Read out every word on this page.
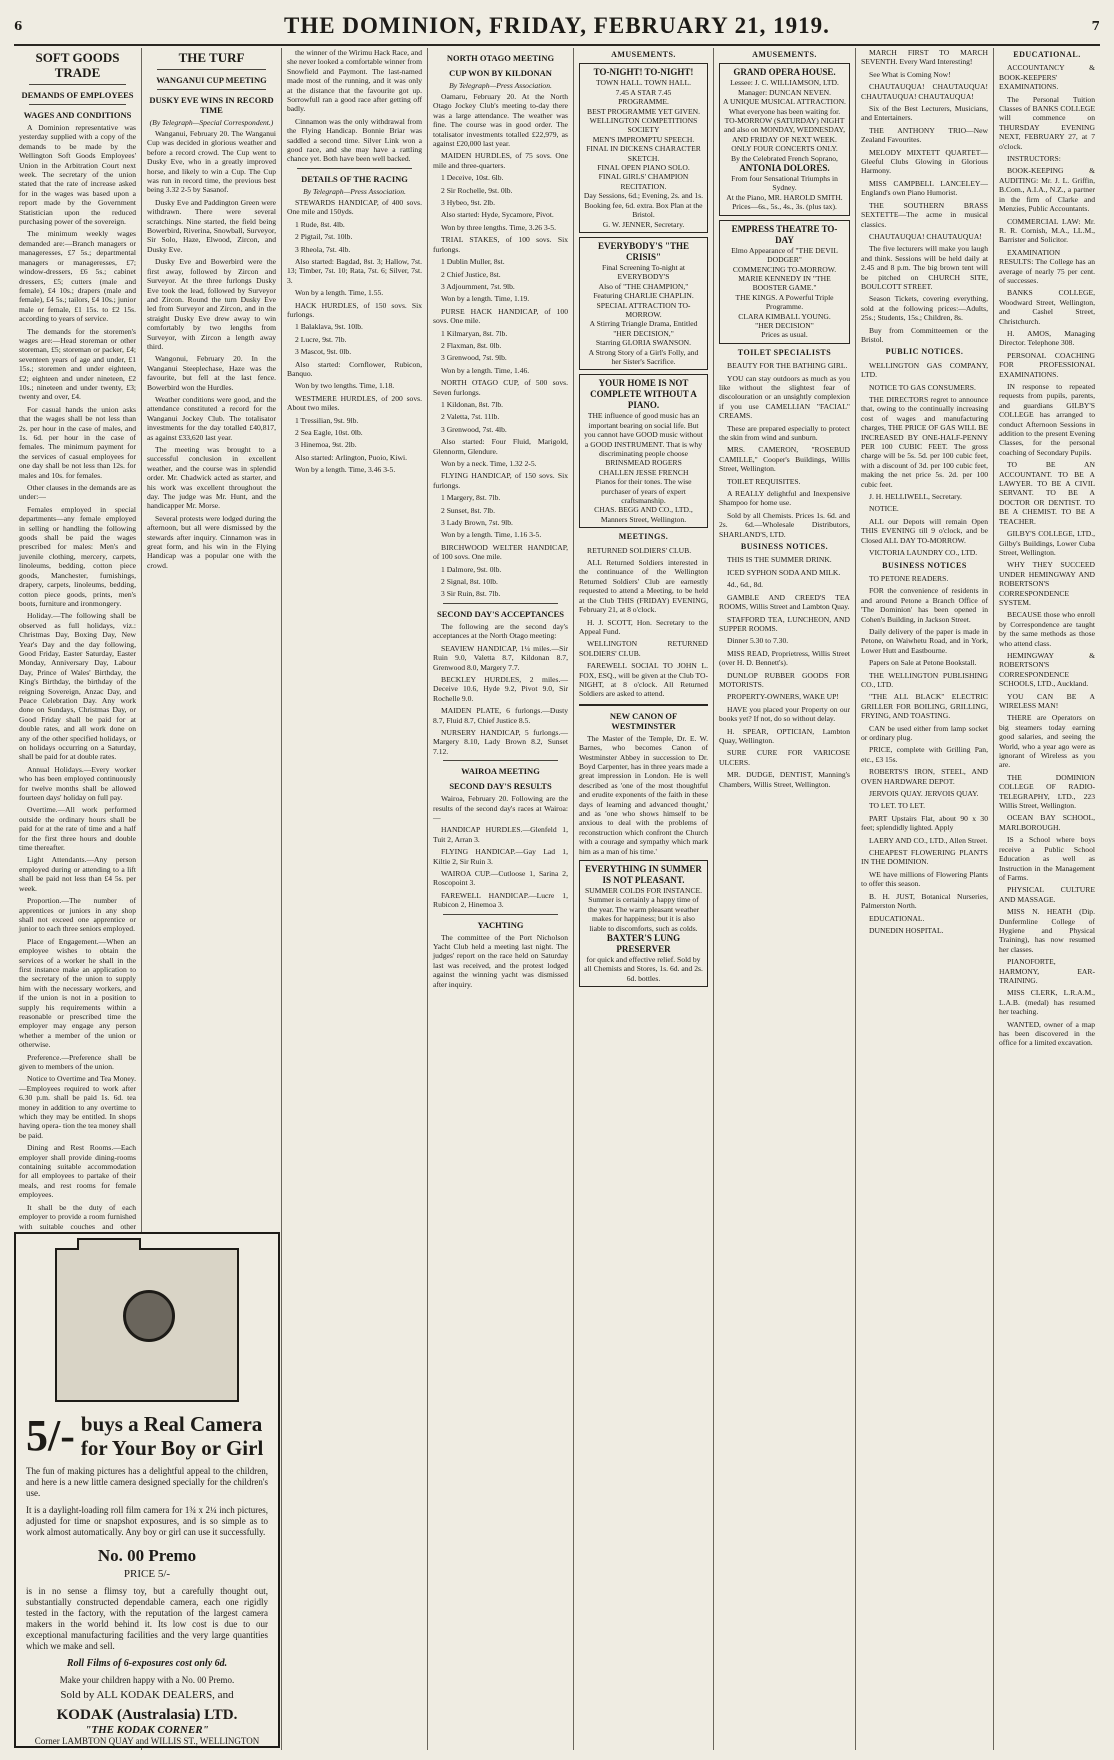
6	THE DOMINION, FRIDAY, FEBRUARY 21, 1919.	7
SOFT GOODS TRADE
DEMANDS OF EMPLOYEES
WAGES AND CONDITIONS

A Dominion representative was yesterday supplied with a copy of the demands to be made by the Wellington Soft Goods Employees' Union in the Arbitration Court next week. The secretary of the union stated that the rate of increase asked for in the wages was based upon a report made by the Government Statistician upon the reduced purchasing power of the sovereign.

The minimum weekly wages demanded are:—Branch managers or manageresses, £7 5s.; departmental managers or manageresses, £7; window-dressers, £6 5s.; cabinet dressers, £5; cutters (male and female), £4 10s.; drapers (male and female), £4 5s.; tailors, £4 10s.; junior male or female, £1 15s. to £2 15s. according to years of service.

The demands for the storemen's wages are:—Head storeman or other storeman, £5; storeman or packer, £4; seventeen years of age and under, £1 15s.; storemen and under eighteen, £2; eighteen and under nineteen, £2 10s.; nineteen and under twenty, £3; twenty and over, £4.

For casual hands the union asks that the wages shall be not less than 2s. per hour in the case of males, and 1s. 6d. per hour in the case of females. The minimum payment for the services of casual employees for one day shall be not less than 12s. for males and 10s. for females.

Other clauses in the demands are as under:—

Females employed in special departments—any female employed in selling or handling the following goods shall be paid the wages prescribed for males: Men's and juvenile clothing, mercery, carpets, linoleums, bedding, cotton piece goods, Manchester, furnishings, drapery, carpets, linoleums, bedding, cotton piece goods, prints, men's boots, furniture and ironmongery.

Holiday.—The following shall be observed as full holidays, viz.: Christmas Day, Boxing Day, New Year's Day and the day following, Good Friday, Easter Saturday, Easter Monday, Anniversary Day, Labour Day, Prince of Wales' Birthday, the King's Birthday, the birthday of the reigning Sovereign, Anzac Day, and Peace Celebration Day. Any work done on Sundays, Christmas Day, or Good Friday shall be paid for at double rates, and all work done on any of the other specified holidays, or on holidays occurring on a Saturday, shall be paid for at double rates.

Annual Holidays.—Every worker who has been employed continuously for twelve months shall be allowed fourteen days' holiday on full pay.

Overtime.—All work performed outside the ordinary hours shall be paid for at the rate of time and a half for the first three hours and double time thereafter.

Light Attendants.—Any person employed during or attending to a lift shall be paid not less than £4 5s. per week.

Proportion.—The number of apprentices or juniors in any shop shall not exceed one apprentice or junior to each three seniors employed.

Place of Engagement.—When an employee wishes to obtain the services of a worker he shall in the first instance make an application to the secretary of the union to supply him with the necessary workers, and if the union is not in a position to supply his requirements within a reasonable or prescribed time the employer may engage any person whether a member of the union or otherwise.

Preference.—Preference shall be given to members of the union.

Notice to Overtime and Tea Money.—Employees required to work after 6.30 p.m. shall be paid 1s. 6d. tea money in addition to any overtime to which they may be entitled. In shops having opera- tion the tea money shall be paid.

Dining and Rest Rooms.—Each employer shall provide dining-rooms containing suitable accommodation for all employees to partake of their meals, and rest rooms for female employees.

It shall be the duty of each employer to provide a room furnished with suitable couches and other

THE TURF
WANGANUI CUP MEETING
DUSKY EVE WINS IN RECORD TIME
(By Telegraph—Special Correspondent.)

Wanganui, February 20. The Wanganui Cup was decided in glorious weather and before a record crowd. The Cup went to Dusky Eve, who in a greatly improved horse, and likely to win a Cup. The Cup was run in record time, the previous best being 3.32 2-5 by Sasanof.

Dusky Eve and Paddington Green were withdrawn. There were several scratchings. Nine started, the field being Bowerbird, Riverina, Snowball, Surveyor, Sir Solo, Haze, Elwood, Zircon, and Dusky Eve.

Dusky Eve and Bowerbird were the first away, followed by Zircon and Surveyor. At the three furlongs Dusky Eve took the lead, followed by Surveyor and Zircon. Round the turn Dusky Eve led from Surveyor and Zircon, and in the straight Dusky Eve drew away to win comfortably by two lengths from Surveyor, with Zircon a length away third.

Wangonui, February 20. In the Wanganui Steeplechase, Haze was the favourite, but fell at the last fence. Bowerbird won the Hurdles.

Weather conditions were good, and the attendance constituted a record for the Wanganui Jockey Club. The totalisator investments for the day totalled £40,817, as against £33,620 last year.

The meeting was brought to a successful conclusion in excellent weather, and the course was in splendid order. Mr. Chadwick acted as starter, and his work was excellent throughout the day. The judge was Mr. Hunt, and the handicapper Mr. Morse.

Several protests were lodged during the afternoon, but all were dismissed by the stewards after inquiry. Cinnamon was in great form, and his win in the Flying Handicap was a popular one with the crowd.

the winner of the Wirimu Hack Race, and she never looked a comfortable winner from Snowfield and Paymont. The last-named made most of the running, and it was only at the distance that the favourite got up. Sorrowfull ran a good race after getting off badly.

Cinnamon was the only withdrawal from the Flying Handicap. Bonnie Briar was saddled a second time. Silver Link won a good race, and she may have a rattling chance yet. Both have been well backed.

DETAILS OF THE RACING
By Telegraph—Press Association.

STEWARDS HANDICAP, of 400 sovs. One mile and 150yds.

1 Rude, 8st. 4lb.

2 Pigtail, 7st. 10lb.

3 Rheola, 7st. 4lb.

Also started: Bagdad, 8st. 3; Hallow, 7st. 13; Timber, 7st. 10; Rata, 7st. 6; Silver, 7st. 3.

Won by a length. Time, 1.55.

HACK HURDLES, of 150 sovs. Six furlongs.

1 Balaklava, 9st. 10lb.

2 Lucre, 9st. 7lb.

3 Mascot, 9st. 0lb.

Also started: Cornflower, Rubicon, Banquo.

Won by two lengths. Time, 1.18.

WESTMERE HURDLES, of 200 sovs. About two miles.

1 Tressilian, 9st. 9lb.

2 Sea Eagle, 10st. 0lb.

3 Hinemoa, 9st. 2lb.

Also started: Arlington, Puoio, Kiwi.

Won by a length. Time, 3.46 3-5.

NORTH OTAGO MEETING
CUP WON BY KILDONAN
By Telegraph—Press Association.

Oamaru, February 20. At the North Otago Jockey Club's meeting to-day there was a large attendance. The weather was fine. The course was in good order. The totalisator investments totalled £22,979, as against £20,000 last year.

MAIDEN HURDLES, of 75 sovs. One mile and three-quarters.

1 Deceive, 10st. 6lb.

2 Sir Rochelle, 9st. 0lb.

3 Hybeo, 9st. 2lb.

Also started: Hyde, Sycamore, Pivot.

Won by three lengths. Time, 3.26 3-5.

TRIAL STAKES, of 100 sovs. Six furlongs.

1 Dublin Muller, 8st.

2 Chief Justice, 8st.

3 Adjournment, 7st. 9lb.

Won by a length. Time, 1.19.

PURSE HACK HANDICAP, of 100 sovs. One mile.

1 Kilmaryan, 8st. 7lb.

2 Flaxman, 8st. 0lb.

3 Grenwood, 7st. 9lb.

Won by a length. Time, 1.46.

NORTH OTAGO CUP, of 500 sovs. Seven furlongs.

1 Kildonan, 8st. 7lb.

2 Valetta, 7st. 11lb.

3 Grenwood, 7st. 4lb.

Also started: Four Fluid, Marigold, Glennorm, Glendure.

Won by a neck. Time, 1.32 2-5.

FLYING HANDICAP, of 150 sovs. Six furlongs.

1 Margery, 8st. 7lb.

2 Sunset, 8st. 7lb.

3 Lady Brown, 7st. 9lb.

Won by a length. Time, 1.16 3-5.

BIRCHWOOD WELTER HANDICAP, of 100 sovs. One mile.

1 Dalmore, 9st. 0lb.

2 Signal, 8st. 10lb.

3 Sir Ruin, 8st. 7lb.

SECOND DAY'S ACCEPTANCES

The following are the second day's acceptances at the North Otago meeting:

SEAVIEW HANDICAP, 1¼ miles.—Sir Ruin 9.0, Valetta 8.7, Kildonan 8.7, Grenwood 8.0, Margery 7.7.

BECKLEY HURDLES, 2 miles.—Deceive 10.6, Hyde 9.2, Pivot 9.0, Sir Rochelle 9.0.

MAIDEN PLATE, 6 furlongs.—Dusty 8.7, Fluid 8.7, Chief Justice 8.5.

NURSERY HANDICAP, 5 furlongs.—Margery 8.10, Lady Brown 8.2, Sunset 7.12.

WAIROA MEETING
SECOND DAY'S RESULTS

Wairoa, February 20. Following are the results of the second day's races at Wairoa:—

HANDICAP HURDLES.—Glenfeld 1, Tuit 2, Arran 3.

FLYING HANDICAP.—Gay Lad 1, Kiltie 2, Sir Ruin 3.

WAIROA CUP.—Cutloose 1, Sarina 2, Roscopoint 3.

FAREWELL HANDICAP.—Lucre 1, Rubicon 2, Hinemoa 3.

YACHTING

The committee of the Port Nicholson Yacht Club held a meeting last night. The judges' report on the race held on Saturday last was received, and the protest lodged against the winning yacht was dismissed after inquiry.

AMUSEMENTS.
TO-NIGHT! TO-NIGHT!
TOWN HALL. TOWN HALL.
7.45 A STAR 7.45
PROGRAMME.
BEST PROGRAMME YET GIVEN.
WELLINGTON COMPETITIONS SOCIETY
MEN'S IMPROMPTU SPEECH.
FINAL IN DICKENS CHARACTER SKETCH.
FINAL OPEN PIANO SOLO.
FINAL GIRLS' CHAMPION RECITATION.
Day Sessions, 6d.; Evening, 2s. and 1s. Booking fee, 6d. extra. Box Plan at the Bristol.
G. W. JENNER, Secretary.
EVERYBODY'S "THE CRISIS"
Final Screening To-night at EVERYBODY'S
Also of "THE CHAMPION,"
Featuring CHARLIE CHAPLIN.
SPECIAL ATTRACTION TO-MORROW.
A Stirring Triangle Drama, Entitled
"HER DECISION,"
Starring GLORIA SWANSON.
A Strong Story of a Girl's Folly, and her Sister's Sacrifice.
YOUR HOME IS NOT COMPLETE WITHOUT A PIANO.
THE influence of good music has an important bearing on social life. But you cannot have GOOD music without a GOOD INSTRUMENT. That is why discriminating people choose
BRINSMEAD ROGERS
CHALLEN JESSE FRENCH
Pianos for their tones. The wise purchaser of years of expert craftsmanship.
CHAS. BEGG AND CO., LTD., Manners Street, Wellington.
MEETINGS.

RETURNED SOLDIERS' CLUB.

ALL Returned Soldiers interested in the continuance of the Wellington Returned Soldiers' Club are earnestly requested to attend a Meeting, to be held at the Club THIS (FRIDAY) EVENING, February 21, at 8 o'clock.

H. J. SCOTT, Hon. Secretary to the Appeal Fund.

WELLINGTON RETURNED SOLDIERS' CLUB.

FAREWELL SOCIAL TO JOHN L. FOX, ESQ., will be given at the Club TO-NIGHT, at 8 o'clock. All Returned Soldiers are asked to attend.

NEW CANON OF WESTMINSTER

The Master of the Temple, Dr. E. W. Barnes, who becomes Canon of Westminster Abbey in succession to Dr. Boyd Carpenter, has in three years made a great impression in London. He is well described as 'one of the most thoughtful and erudite exponents of the faith in these days of learning and advanced thought,' and as 'one who shows himself to be anxious to deal with the problems of reconstruction which confront the Church with a courage and sympathy which mark him as a man of his time.'

EVERYTHING IN SUMMER IS NOT PLEASANT.
SUMMER COLDS FOR INSTANCE.
Summer is certainly a happy time of the year. The warm pleasant weather makes for happiness; but it is also liable to discomforts, such as colds.
BAXTER'S LUNG PRESERVER
for quick and effective relief. Sold by all Chemists and Stores, 1s. 6d. and 2s. 6d. bottles.
AMUSEMENTS.
GRAND OPERA HOUSE.
Lessee: J. C. WILLIAMSON, LTD.
Manager: DUNCAN NEVEN.
A UNIQUE MUSICAL ATTRACTION.
What everyone has been waiting for.
TO-MORROW (SATURDAY) NIGHT and also on MONDAY, WEDNESDAY, AND FRIDAY OF NEXT WEEK.
ONLY FOUR CONCERTS ONLY.
By the Celebrated French Soprano,
ANTONIA DOLORES.
From four Sensational Triumphs in Sydney.
At the Piano, MR. HAROLD SMITH.
Prices—6s., 5s., 4s., 3s. (plus tax).
EMPRESS THEATRE TO-DAY
Elmo Appearance of "THE DEVIL DODGER"
COMMENCING TO-MORROW.
MARIE KENNEDY IN "THE BOOSTER GAME."
THE KINGS. A Powerful Triple Programme.
CLARA KIMBALL YOUNG.
"HER DECISION"
Prices as usual.
TOILET SPECIALISTS

BEAUTY FOR THE BATHING GIRL.

YOU can stay outdoors as much as you like without the slightest fear of discolouration or an unsightly complexion if you use CAMELLIAN "FACIAL" CREAMS.

These are prepared especially to protect the skin from wind and sunburn.

MRS. CAMERON, "ROSEBUD CAMILLE," Cooper's Buildings, Willis Street, Wellington.

TOILET REQUISITES.

A REALLY delightful and Inexpensive Shampoo for home use.

Sold by all Chemists. Prices 1s. 6d. and 2s. 6d.—Wholesale Distributors, SHARLAND'S, LTD.

BUSINESS NOTICES.

THIS IS THE SUMMER DRINK.

ICED SYPHON SODA AND MILK.

4d., 6d., 8d.

GAMBLE AND CREED'S TEA ROOMS, Willis Street and Lambton Quay.

STAFFORD TEA, LUNCHEON, AND SUPPER ROOMS.

Dinner 5.30 to 7.30.

MISS READ, Proprietress, Willis Street (over H. D. Bennett's).

DUNLOP RUBBER GOODS FOR MOTORISTS.

PROPERTY-OWNERS, WAKE UP!

HAVE you placed your Property on our books yet? If not, do so without delay.

H. SPEAR, OPTICIAN, Lambton Quay, Wellington.

SURE CURE FOR VARICOSE ULCERS.

MR. DUDGE, DENTIST, Manning's Chambers, Willis Street, Wellington.

MARCH FIRST TO MARCH SEVENTH. Every Ward Interesting!

See What is Coming Now!

CHAUTAUQUA! CHAUTAUQUA! CHAUTAUQUA! CHAUTAUQUA!

Six of the Best Lecturers, Musicians, and Entertainers.

THE ANTHONY TRIO—New Zealand Favourites.

MELODY MIXTETT QUARTET—Gleeful Clubs Glowing in Glorious Harmony.

MISS CAMPBELL LANCELEY—England's own Piano Humorist.

THE SOUTHERN BRASS SEXTETTE—The acme in musical classics.

CHAUTAUQUA! CHAUTAUQUA!

The five lecturers will make you laugh and think. Sessions will be held daily at 2.45 and 8 p.m. The big brown tent will be pitched on CHURCH SITE, BOULCOTT STREET.

Season Tickets, covering everything, sold at the following prices:—Adults, 25s.; Students, 15s.; Children, 8s.

Buy from Committeemen or the Bristol.

PUBLIC NOTICES.

WELLINGTON GAS COMPANY, LTD.

NOTICE TO GAS CONSUMERS.

THE DIRECTORS regret to announce that, owing to the continually increasing cost of wages and manufacturing charges, THE PRICE OF GAS WILL BE INCREASED BY ONE-HALF-PENNY PER 100 CUBIC FEET. The gross charge will be 5s. 5d. per 100 cubic feet, with a discount of 3d. per 100 cubic feet, making the net price 5s. 2d. per 100 cubic feet.

J. H. HELLIWELL, Secretary.

NOTICE.

ALL our Depots will remain Open THIS EVENING till 9 o'clock, and be Closed ALL DAY TO-MORROW.

VICTORIA LAUNDRY CO., LTD.

BUSINESS NOTICES

TO PETONE READERS.

FOR the convenience of residents in and around Petone a Branch Office of 'The Dominion' has been opened in Cohen's Building, in Jackson Street.

Daily delivery of the paper is made in Petone, on Waiwhetu Road, and in York, Lower Hutt and Eastbourne.

Papers on Sale at Petone Bookstall.

THE WELLINGTON PUBLISHING CO., LTD.

"THE ALL BLACK" ELECTRIC GRILLER FOR BOILING, GRILLING, FRYING, AND TOASTING.

CAN be used either from lamp socket or ordinary plug.

PRICE, complete with Grilling Pan, etc., £3 15s.

ROBERTS'S IRON, STEEL, AND OVEN HARDWARE DEPOT.

JERVOIS QUAY. JERVOIS QUAY.

TO LET. TO LET.

PART Upstairs Flat, about 90 x 30 feet; splendidly lighted. Apply

LAERY AND CO., LTD., Allen Street.

CHEAPEST FLOWERING PLANTS IN THE DOMINION.

WE have millions of Flowering Plants to offer this season.

B. H. JUST, Botanical Nurseries, Palmerston North.

EDUCATIONAL.

DUNEDIN HOSPITAL.

EDUCATIONAL.

ACCOUNTANCY & BOOK-KEEPERS' EXAMINATIONS.

The Personal Tuition Classes of BANKS COLLEGE will commence on THURSDAY EVENING NEXT, FEBRUARY 27, at 7 o'clock.

INSTRUCTORS:

BOOK-KEEPING & AUDITING: Mr. J. L. Griffin, B.Com., A.I.A., N.Z., a partner in the firm of Clarke and Menzies, Public Accountants.

COMMERCIAL LAW: Mr. R. R. Cornish, M.A., LL.M., Barrister and Solicitor.

EXAMINATION RESULTS: The College has an average of nearly 75 per cent. of successes.

BANKS COLLEGE, Woodward Street, Wellington, and Cashel Street, Christchurch.

H. AMOS, Managing Director. Telephone 308.

PERSONAL COACHING FOR PROFESSIONAL EXAMINATIONS.

IN response to repeated requests from pupils, parents, and guardians GILBY'S COLLEGE has arranged to conduct Afternoon Sessions in addition to the present Evening Classes, for the personal coaching of Secondary Pupils.

TO BE AN ACCOUNTANT. TO BE A LAWYER. TO BE A CIVIL SERVANT. TO BE A DOCTOR OR DENTIST. TO BE A CHEMIST. TO BE A TEACHER.

GILBY'S COLLEGE, LTD., Gilby's Buildings, Lower Cuba Street, Wellington.

WHY THEY SUCCEED UNDER HEMINGWAY AND ROBERTSON'S CORRESPONDENCE SYSTEM.

BECAUSE those who enroll by Correspondence are taught by the same methods as those who attend class.

HEMINGWAY & ROBERTSON'S CORRESPONDENCE SCHOOLS, LTD., Auckland.

YOU CAN BE A WIRELESS MAN!

THERE are Operators on big steamers today earning good salaries, and seeing the World, who a year ago were as ignorant of Wireless as you are.

THE DOMINION COLLEGE OF RADIO-TELEGRAPHY, LTD., 223 Willis Street, Wellington.

OCEAN BAY SCHOOL, MARLBOROUGH.

IS a School where boys receive a Public School Education as well as Instruction in the Management of Farms.

PHYSICAL CULTURE AND MASSAGE.

MISS N. HEATH (Dip. Dunfermline College of Hygiene and Physical Training), has now resumed her classes.

PIANOFORTE, HARMONY, EAR-TRAINING.

MISS CLERK, L.R.A.M., L.A.B. (medal) has resumed her teaching.

WANTED, owner of a map has been discovered in the office for a limited excavation.

5/- buys a Real Camera for Your Boy or Girl
The fun of making pictures has a delightful appeal to the children, and here is a new little camera designed specially for the children's use.
It is a daylight-loading roll film camera for 1¾ x 2¼ inch pictures, adjusted for time or snapshot exposures, and is so simple as to work almost automatically. Any boy or girl can use it successfully.
No. 00 Premo
PRICE 5/-
is in no sense a flimsy toy, but a carefully thought out, substantially constructed dependable camera, each one rigidly tested in the factory, with the reputation of the largest camera makers in the world behind it. Its low cost is due to our exceptional manufacturing facilities and the very large quantities which we make and sell.
Roll Films of 6-exposures cost only 6d.
Make your children happy with a No. 00 Premo.
Sold by ALL KODAK DEALERS, and
KODAK (Australasia) LTD.
"THE KODAK CORNER"
Corner LAMBTON QUAY and WILLIS ST., WELLINGTON
